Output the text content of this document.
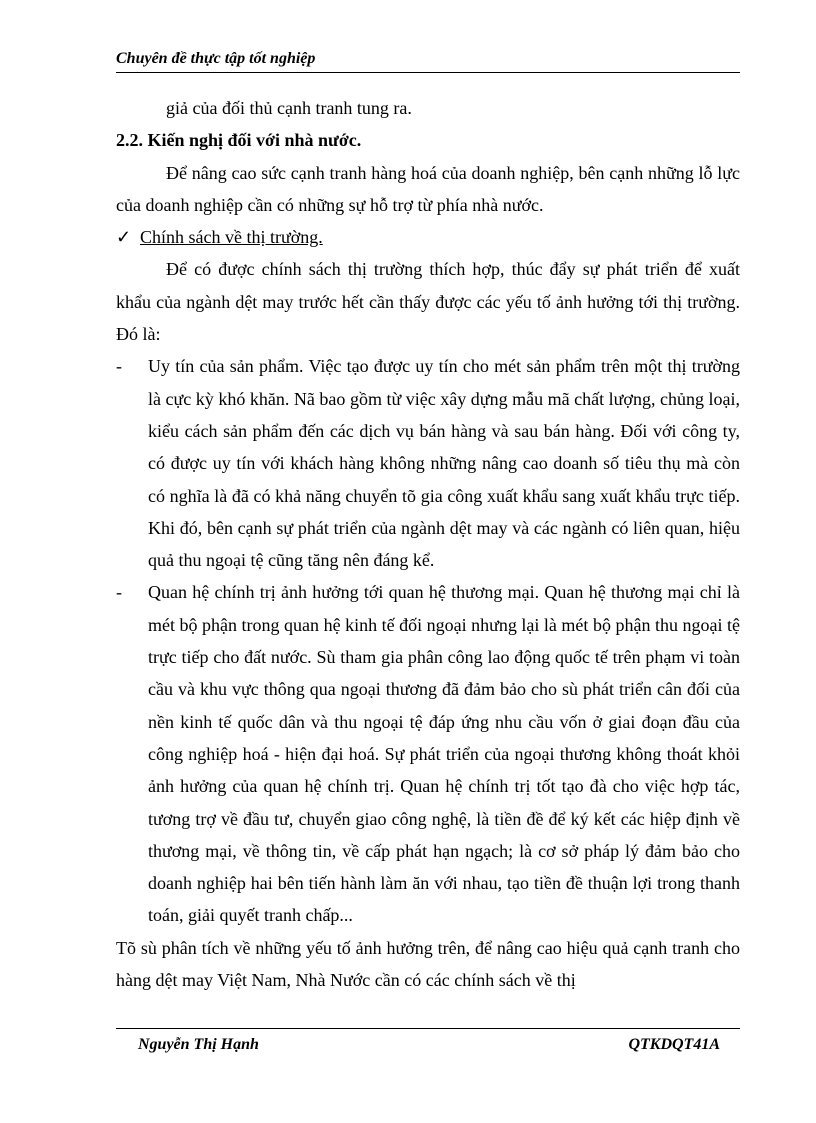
Chuyên đề thực tập tốt nghiệp

giả của đối thủ cạnh tranh tung ra.

2.2. Kiến nghị đối với nhà nước.

Để nâng cao sức cạnh tranh hàng hoá của doanh nghiệp, bên cạnh những lỗ lực của doanh nghiệp cần có những sự hỗ trợ từ phía nhà nước.

✓ Chính sách về thị trường.

Để có được chính sách thị trường thích hợp, thúc đẩy sự phát triển để xuất khẩu của ngành dệt may trước hết cần thấy được các yếu tố ảnh hưởng tới thị trường. Đó là:

-	Uy tín của sản phẩm. Việc tạo được uy tín cho mét sản phẩm trên một thị trường là cực kỳ khó khăn. Nã bao gồm từ việc xây dựng mẫu mã chất lượng, chủng loại, kiểu cách sản phẩm đến các dịch vụ bán hàng và sau bán hàng. Đối với công ty, có được uy tín với khách hàng không những nâng cao doanh số tiêu thụ mà còn có nghĩa là đã có khả năng chuyển tõ gia công xuất khẩu sang xuất khẩu trực tiếp. Khi đó, bên cạnh sự phát triển của ngành dệt may và các ngành có liên quan, hiệu quả thu ngoại tệ cũng tăng nên đáng kể.
-	Quan hệ chính trị ảnh hưởng tới quan hệ thương mại. Quan hệ thương mại chỉ là mét bộ phận trong quan hệ kinh tế đối ngoại nhưng lại là mét bộ phận thu ngoại tệ trực tiếp cho đất nước. Sù tham gia phân công lao động quốc tế trên phạm vi toàn cầu và khu vực thông qua ngoại thương đã đảm bảo cho sù phát triển cân đối của nền kinh tế quốc dân và thu ngoại tệ đáp ứng nhu cầu vốn ở giai đoạn đầu của công nghiệp hoá - hiện đại hoá. Sự phát triển của ngoại thương không thoát khỏi ảnh hưởng của quan hệ chính trị. Quan hệ chính trị tốt tạo đà cho việc hợp tác, tương trợ về đầu tư, chuyển giao công nghệ, là tiền đề để ký kết các hiệp định về thương mại, về thông tin, về cấp phát hạn ngạch; là cơ sở pháp lý đảm bảo cho doanh nghiệp hai bên tiến hành làm ăn với nhau, tạo tiền đề thuận lợi trong thanh toán, giải quyết tranh chấp...

Tõ sù phân tích về những yếu tố ảnh hưởng trên, để nâng cao hiệu quả cạnh tranh cho hàng dệt may Việt Nam, Nhà Nước cần có các chính sách về thị

Nguyễn Thị Hạnh	QTKDQT41A
